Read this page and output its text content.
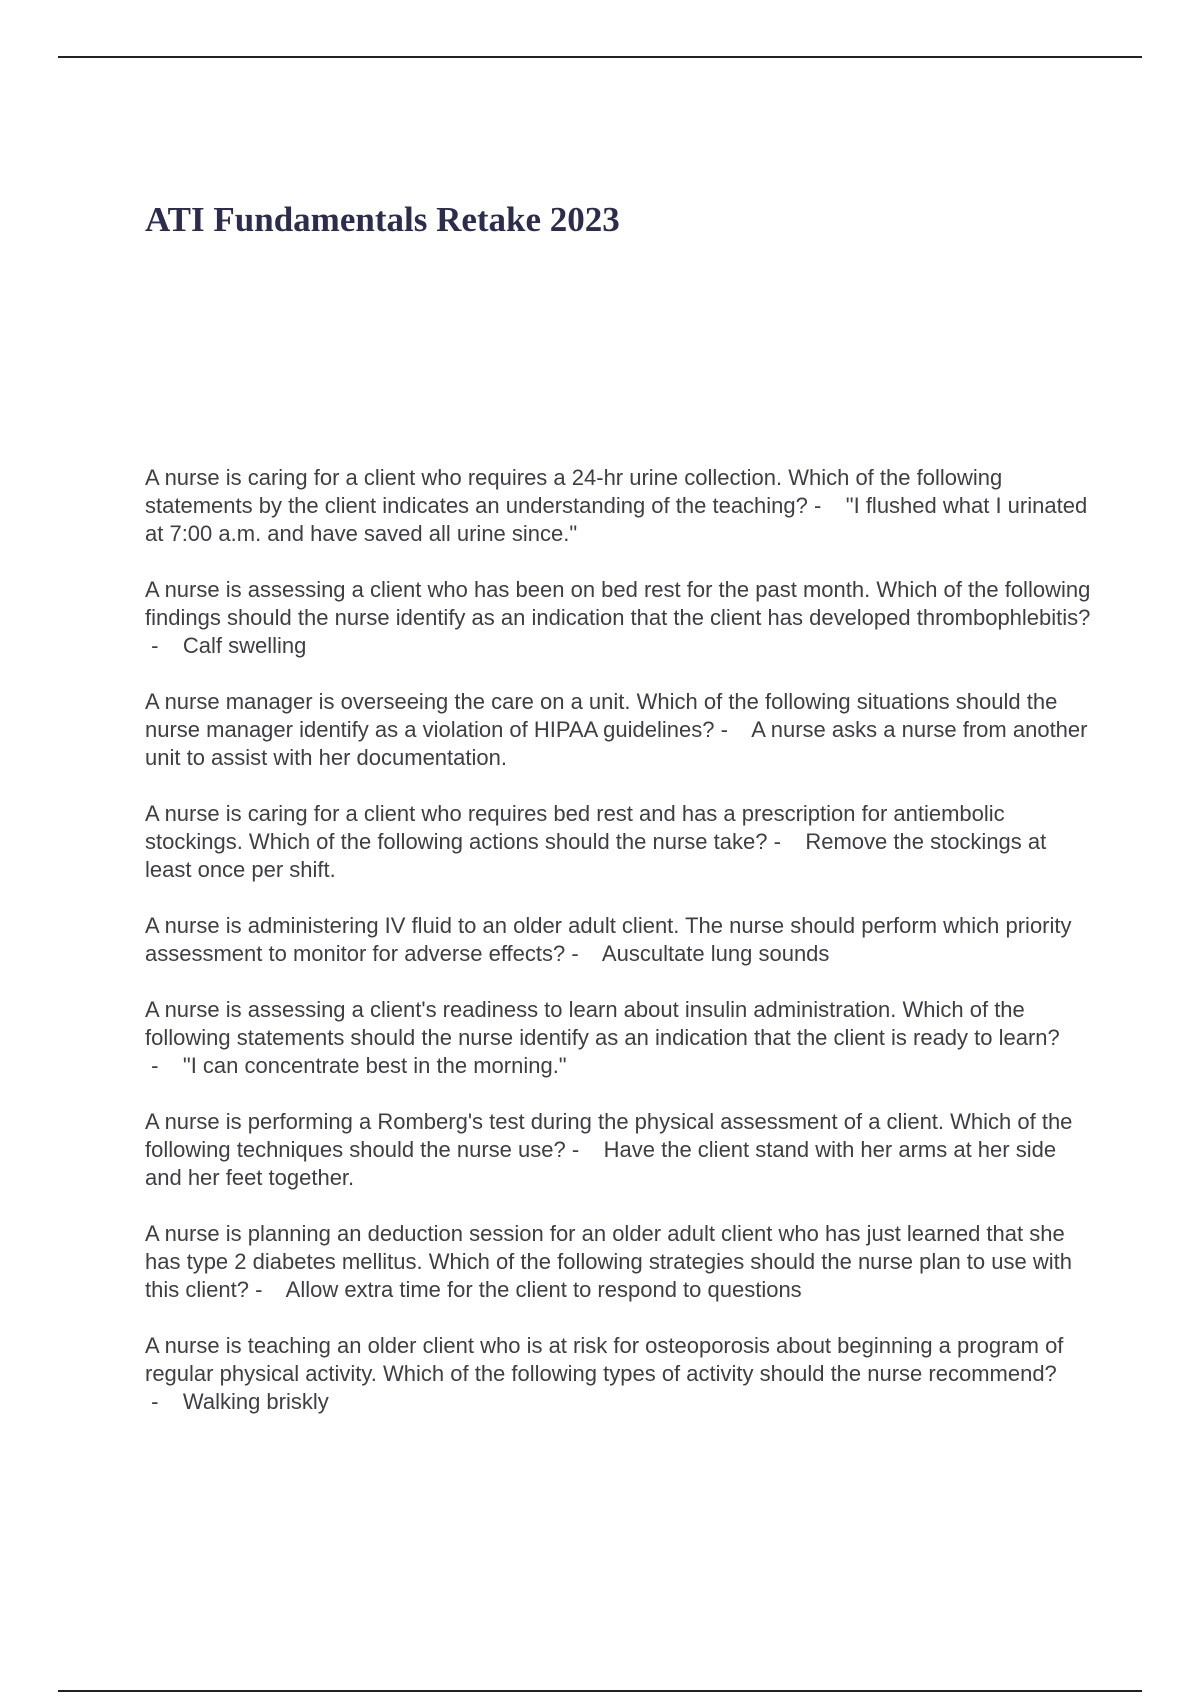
ATI Fundamentals Retake 2023
A nurse is caring for a client who requires a 24-hr urine collection. Which of the following statements by the client indicates an understanding of the teaching? -    "I flushed what I urinated at 7:00 a.m. and have saved all urine since."
A nurse is assessing a client who has been on bed rest for the past month. Which of the following findings should the nurse identify as an indication that the client has developed thrombophlebitis? -    Calf swelling
A nurse manager is overseeing the care on a unit. Which of the following situations should the nurse manager identify as a violation of HIPAA guidelines? -    A nurse asks a nurse from another unit to assist with her documentation.
A nurse is caring for a client who requires bed rest and has a prescription for antiembolic stockings. Which of the following actions should the nurse take? -    Remove the stockings at least once per shift.
A nurse is administering IV fluid to an older adult client. The nurse should perform which priority assessment to monitor for adverse effects? -    Auscultate lung sounds
A nurse is assessing a client's readiness to learn about insulin administration. Which of the following statements should the nurse identify as an indication that the client is ready to learn? -    "I can concentrate best in the morning."
A nurse is performing a Romberg's test during the physical assessment of a client. Which of the following techniques should the nurse use? -    Have the client stand with her arms at her side and her feet together.
A nurse is planning an deduction session for an older adult client who has just learned that she has type 2 diabetes mellitus. Which of the following strategies should the nurse plan to use with this client? -    Allow extra time for the client to respond to questions
A nurse is teaching an older client who is at risk for osteoporosis about beginning a program of regular physical activity. Which of the following types of activity should the nurse recommend? -    Walking briskly
